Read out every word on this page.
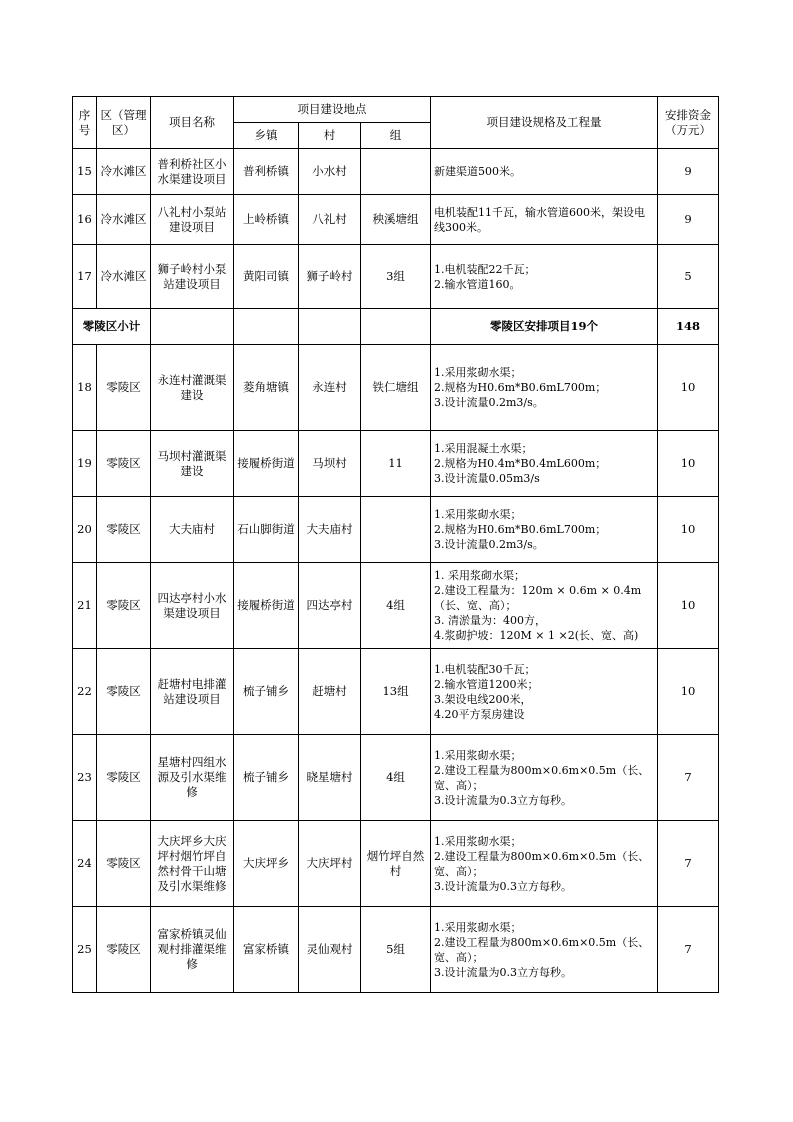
序号	区（管理区）	项目名称	项目建设地点			项目建设规格及工程量	安排资金（万元）
			乡镇	村	组		
15	冷水滩区	普利桥社区小水渠建设项目	普利桥镇	小水村		新建渠道500米。	9
16	冷水滩区	八礼村小泵站建设项目	上岭桥镇	八礼村	秧溪塘组	电机装配11千瓦，输水管道600米，架设电线300米。	9
17	冷水滩区	狮子岭村小泵站建设项目	黄阳司镇	狮子岭村	3组	1.电机装配22千瓦；
2.输水管道160。	5
零陵区小计						零陵区安排项目19个	148
18	零陵区	永连村灌溉渠建设	菱角塘镇	永连村	铁仁塘组	1.采用浆砌水渠；
2.规格为H0.6m*B0.6mL700m；
3.设计流量0.2m3/s。	10
19	零陵区	马坝村灌溉渠建设	接履桥街道	马坝村	11	1.采用混凝土水渠；
2.规格为H0.4m*B0.4mL600m；
3.设计流量0.05m3/s	10
20	零陵区	大夫庙村	石山脚街道	大夫庙村		1.采用浆砌水渠；
2.规格为H0.6m*B0.6mL700m；
3.设计流量0.2m3/s。	10
21	零陵区	四达亭村小水渠建设项目	接履桥街道	四达亭村	4组	1. 采用浆砌水渠；
2.建设工程量为：120m × 0.6m × 0.4m（长、宽、高）；
3. 清淤量为：400方，
4.浆砌护坡：120M × 1 ×2(长、宽、高)	10
22	零陵区	赶塘村电排灌站建设项目	梳子铺乡	赶塘村	13组	1.电机装配30千瓦；
2.输水管道1200米；
3.架设电线200米，
4.20平方泵房建设	10
23	零陵区	星塘村四组水源及引水渠维修	梳子铺乡	晓星塘村	4组	1.采用浆砌水渠；
2.建设工程量为800m×0.6m×0.5m（长、宽、高）；
3.设计流量为0.3立方每秒。	7
24	零陵区	大庆坪乡大庆坪村烟竹坪自然村骨干山塘及引水渠维修	大庆坪乡	大庆坪村	烟竹坪自然村	1.采用浆砌水渠；
2.建设工程量为800m×0.6m×0.5m（长、宽、高）；
3.设计流量为0.3立方每秒。	7
25	零陵区	富家桥镇灵仙观村排灌渠维修	富家桥镇	灵仙观村	5组	1.采用浆砌水渠；
2.建设工程量为800m×0.6m×0.5m（长、宽、高）；
3.设计流量为0.3立方每秒。	7
